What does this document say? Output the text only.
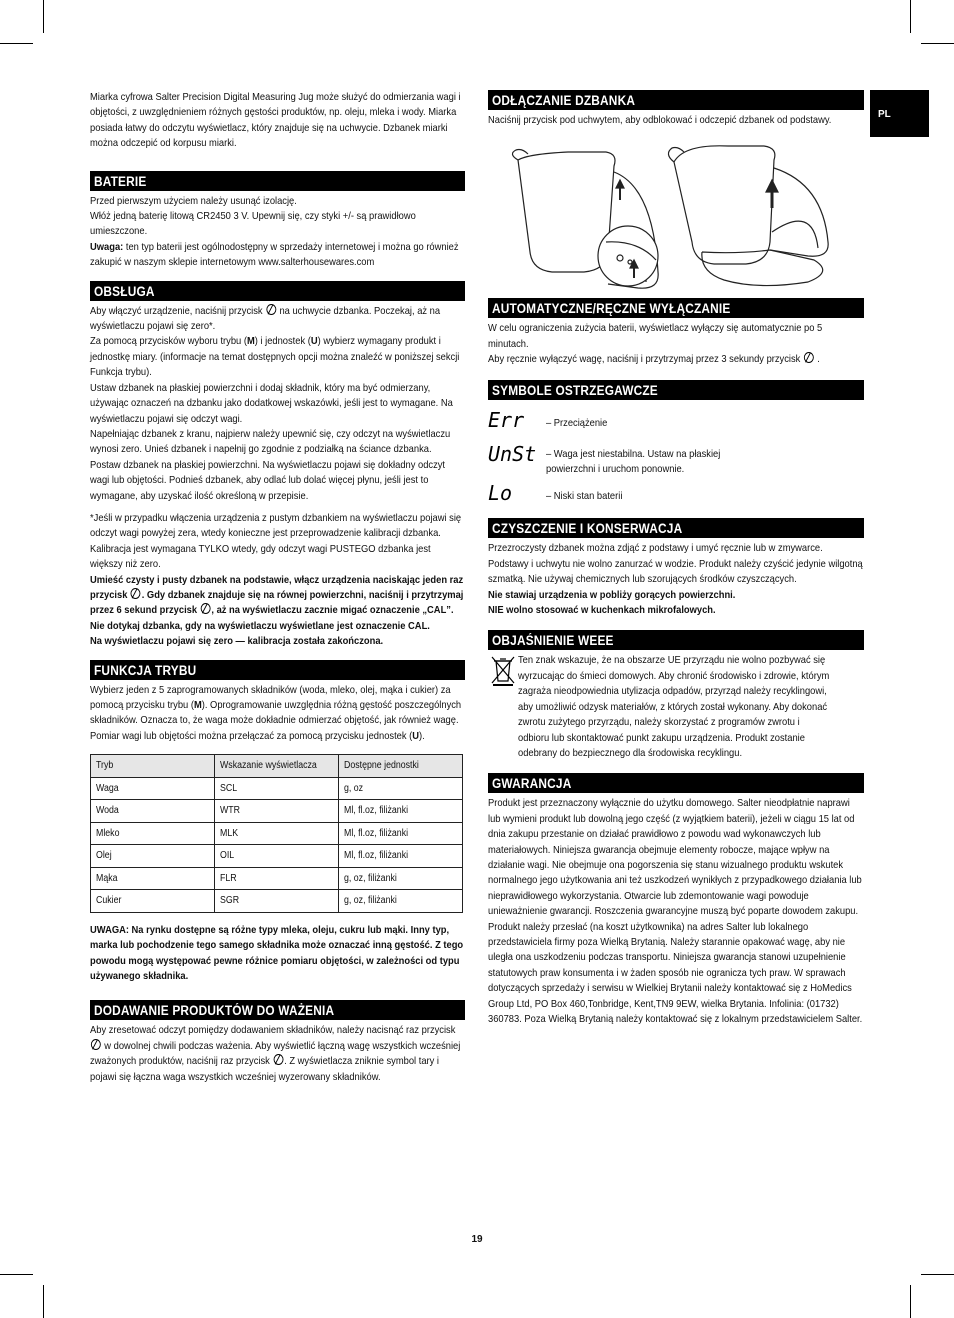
PL

Miarka cyfrowa Salter Precision Digital Measuring Jug może służyć do odmierzania wagi i objętości, z uwzględnieniem różnych gęstości produktów, np. oleju, mleka i wody. Miarka posiada łatwy do odczytu wyświetlacz, który znajduje się na uchwycie. Dzbanek miarki można odczepić od korpusu miarki.

BATERIE

Przed pierwszym użyciem należy usunąć izolację.

Włóż jedną baterię litową CR2450 3 V. Upewnij się, czy styki +/- są prawidłowo umieszczone.

Uwaga: ten typ baterii jest ogólnodostępny w sprzedaży internetowej i można go również zakupić w naszym sklepie internetowym www.salterhousewares.com

OBSŁUGA

Aby włączyć urządzenie, naciśnij przycisk  na uchwycie dzbanka. Poczekaj, aż na wyświetlaczu pojawi się zero*.

Za pomocą przycisków wyboru trybu (M) i jednostek (U) wybierz wymagany produkt i jednostkę miary. (informacje na temat dostępnych opcji można znaleźć w poniższej sekcji Funkcja trybu).

Ustaw dzbanek na płaskiej powierzchni i dodaj składnik, który ma być odmierzany, używając oznaczeń na dzbanku jako dodatkowej wskazówki, jeśli jest to wymagane. Na wyświetlaczu pojawi się odczyt wagi.

Napełniając dzbanek z kranu, najpierw należy upewnić się, czy odczyt na wyświetlaczu wynosi zero. Unieś dzbanek i napełnij go zgodnie z podziałką na ściance dzbanka. Postaw dzbanek na płaskiej powierzchni. Na wyświetlaczu pojawi się dokładny odczyt wagi lub objętości. Podnieś dzbanek, aby odlać lub dolać więcej płynu, jeśli jest to wymagane, aby uzyskać ilość określoną w przepisie.

*Jeśli w przypadku włączenia urządzenia z pustym dzbankiem na wyświetlaczu pojawi się odczyt wagi powyżej zera, wtedy konieczne jest przeprowadzenie kalibracji dzbanka. Kalibracja jest wymagana TYLKO wtedy, gdy odczyt wagi PUSTEGO dzbanka jest większy niż zero.

Umieść czysty i pusty dzbanek na podstawie, włącz urządzenia naciskając jeden raz przycisk . Gdy dzbanek znajduje się na równej powierzchni, naciśnij i przytrzymaj przez 6 sekund przycisk , aż na wyświetlaczu zacznie migać oznaczenie „CAL”. Nie dotykaj dzbanka, gdy na wyświetlaczu wyświetlane jest oznaczenie CAL.

Na wyświetlaczu pojawi się zero — kalibracja została zakończona.

FUNKCJA TRYBU

Wybierz jeden z 5 zaprogramowanych składników (woda, mleko, olej, mąka i cukier) za pomocą przycisku trybu (M). Oprogramowanie uwzględnia różną gęstość poszczególnych składników. Oznacza to, że waga może dokładnie odmierzać objętość, jak również wagę. Pomiar wagi lub objętości można przełączać za pomocą przycisku jednostek (U).

Tryb	Wskazanie wyświetlacza	Dostępne jednostki
Waga	SCL	g, oz
Woda	WTR	Ml, fl.oz, filiżanki
Mleko	MLK	Ml, fl.oz, filiżanki
Olej	OIL	Ml, fl.oz, filiżanki
Mąka	FLR	g, oz, filiżanki
Cukier	SGR	g, oz, filiżanki

UWAGA: Na rynku dostępne są różne typy mleka, oleju, cukru lub mąki. Inny typ, marka lub pochodzenie tego samego składnika może oznaczać inną gęstość. Z tego powodu mogą występować pewne różnice pomiaru objętości, w zależności od typu używanego składnika.

DODAWANIE PRODUKTÓW DO WAŻENIA

Aby zresetować odczyt pomiędzy dodawaniem składników, należy nacisnąć raz przycisk  w dowolnej chwili podczas ważenia. Aby wyświetlić łączną wagę wszystkich wcześniej zważonych produktów, naciśnij raz przycisk . Z wyświetlacza zniknie symbol tary i pojawi się łączna waga wszystkich wcześniej wyzerowany składników.

ODŁĄCZANIE DZBANKA

Naciśnij przycisk pod uchwytem, aby odblokować i odczepić dzbanek od podstawy.

AUTOMATYCZNE/RĘCZNE WYŁĄCZANIE

W celu ograniczenia zużycia baterii, wyświetlacz wyłączy się automatycznie po 5 minutach.

Aby ręcznie wyłączyć wagę, naciśnij i przytrzymaj przez 3 sekundy przycisk  .

SYMBOLE OSTRZEGAWCZE
Err – Przeciążenie

UnSt – Waga jest niestabilna. Ustaw na płaskiej powierzchni i uruchom ponownie.

Lo	– Niski stan baterii

CZYSZCZENIE I KONSERWACJA

Przezroczysty dzbanek można zdjąć z podstawy i umyć ręcznie lub w zmywarce. Podstawy i uchwytu nie wolno zanurzać w wodzie. Produkt należy czyścić jedynie wilgotną szmatką. Nie używaj chemicznych lub szorujących środków czyszczących.

Nie stawiaj urządzenia w pobliży gorących powierzchni.

NIE wolno stosować w kuchenkach mikrofalowych.

OBJAŚNIENIE WEEE

Ten znak wskazuje, że na obszarze UE przyrządu nie wolno pozbywać się wyrzucając do śmieci domowych. Aby chronić środowisko i zdrowie, którym zagraża nieodpowiednia utylizacja odpadów, przyrząd należy recyklingowi, aby umożliwić odzysk materiałów, z których został wykonany. Aby dokonać zwrotu zużytego przyrządu, należy skorzystać z programów zwrotu i odbioru lub skontaktować punkt zakupu urządzenia. Produkt zostanie odebrany do bezpiecznego dla środowiska recyklingu.

GWARANCJA

Produkt jest przeznaczony wyłącznie do użytku domowego. Salter nieodpłatnie naprawi lub wymieni produkt lub dowolną jego część (z wyjątkiem baterii), jeżeli w ciągu 15 lat od dnia zakupu przestanie on działać prawidłowo z powodu wad wykonawczych lub materiałowych. Niniejsza gwarancja obejmuje elementy robocze, mające wpływ na działanie wagi. Nie obejmuje ona pogorszenia się stanu wizualnego produktu wskutek normalnego jego użytkowania ani też uszkodzeń wynikłych z przypadkowego działania lub nieprawidłowego wykorzystania. Otwarcie lub zdemontowanie wagi powoduje unieważnienie gwarancji. Roszczenia gwarancyjne muszą być poparte dowodem zakupu. Produkt należy przesłać (na koszt użytkownika) na adres Salter lub lokalnego przedstawiciela firmy poza Wielką Brytanią. Należy starannie opakować wagę, aby nie uległa ona uszkodzeniu podczas transportu. Niniejsza gwarancja stanowi uzupełnienie statutowych praw konsumenta i w żaden sposób nie ogranicza tych praw. W sprawach dotyczących sprzedaży i serwisu w Wielkiej Brytanii należy kontaktować się z HoMedics Group Ltd, PO Box 460,Tonbridge, Kent,TN9 9EW, wielka Brytania. Infolinia: (01732) 360783. Poza Wielką Brytanią należy kontaktować się z lokalnym przedstawicielem Salter.

19
